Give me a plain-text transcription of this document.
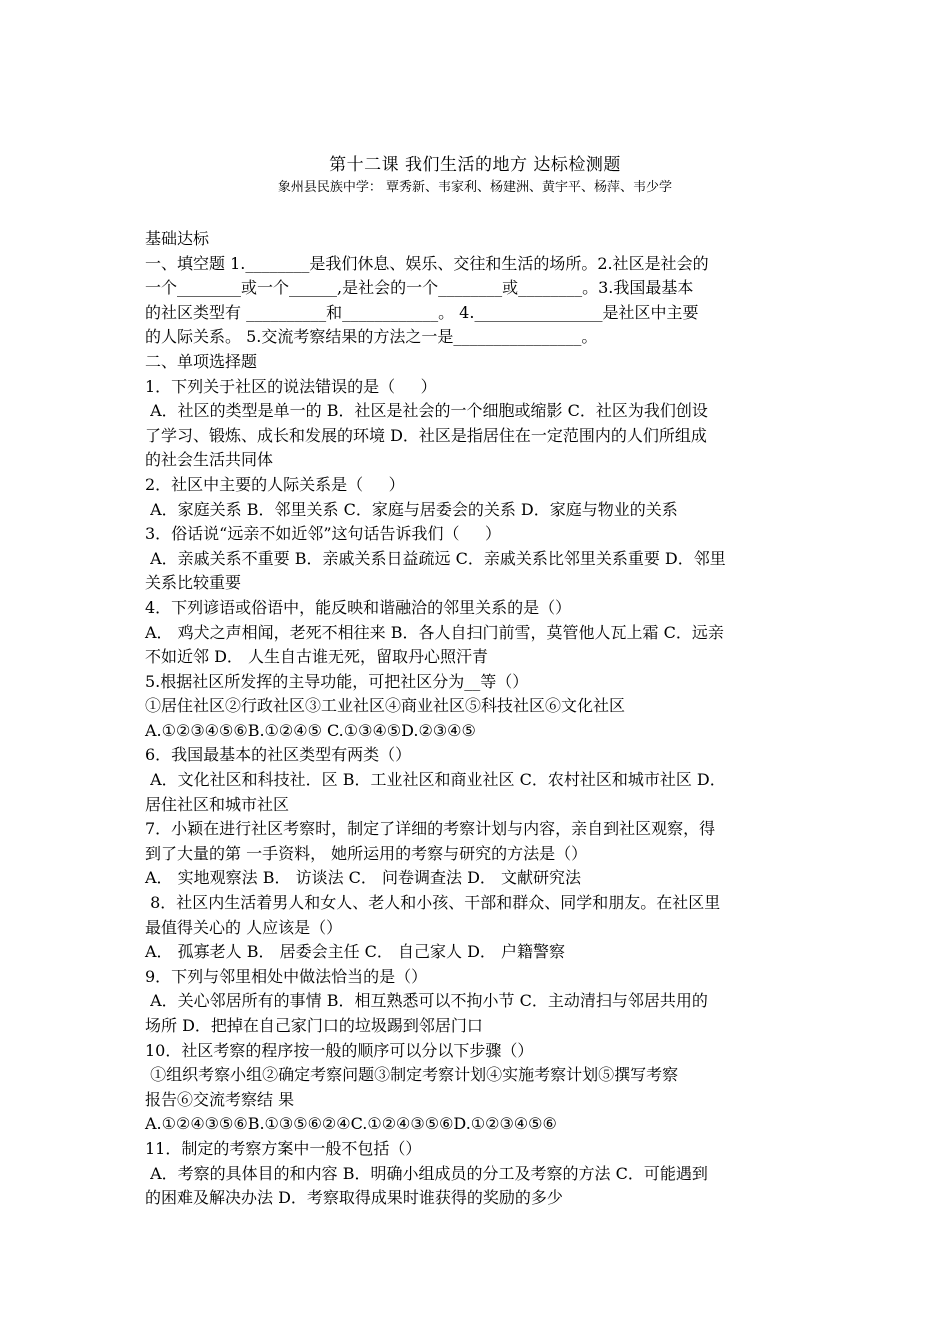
第十二课 我们生活的地方 达标检测题
象州县民族中学： 覃秀新、韦家利、杨建洲、黄宇平、杨萍、韦少学
基础达标
一、填空题 1.________是我们休息、娱乐、交往和生活的场所。2.社区是社会的
一个________或一个______,是社会的一个________或________。3.我国最基本
的社区类型有 __________和____________。 4.________________是社区中主要
的人际关系。 5.交流考察结果的方法之一是________________。
二、单项选择题
1．下列关于社区的说法错误的是（     ）
A．社区的类型是单一的 B．社区是社会的一个细胞或缩影 C．社区为我们创设
了学习、锻炼、成长和发展的环境 D．社区是指居住在一定范围内的人们所组成
的社会生活共同体
2．社区中主要的人际关系是（     ）
A．家庭关系 B．邻里关系 C．家庭与居委会的关系 D．家庭与物业的关系
3．俗话说“远亲不如近邻”这句话告诉我们（     ）
A．亲戚关系不重要 B．亲戚关系日益疏远 C．亲戚关系比邻里关系重要 D．邻里
关系比较重要
4．下列谚语或俗语中，能反映和谐融洽的邻里关系的是（）
A． 鸡犬之声相闻，老死不相往来 B．各人自扫门前雪，莫管他人瓦上霜 C．远亲
不如近邻 D． 人生自古谁无死，留取丹心照汗青
5.根据社区所发挥的主导功能，可把社区分为__等（）
①居住社区②行政社区③工业社区④商业社区⑤科技社区⑥文化社区
A.①②③④⑤⑥B.①②④⑤ C.①③④⑤D.②③④⑤
6．我国最基本的社区类型有两类（）
A．文化社区和科技社．区 B．工业社区和商业社区 C．农村社区和城市社区 D．
居住社区和城市社区
7．小颖在进行社区考察时，制定了详细的考察计划与内容，亲自到社区观察，得
到了大量的第 一手资料， 她所运用的考察与研究的方法是（）
A． 实地观察法 B． 访谈法 C． 问卷调查法 D． 文献研究法
8．社区内生活着男人和女人、老人和小孩、干部和群众、同学和朋友。在社区里
最值得关心的 人应该是（）
A． 孤寡老人 B． 居委会主任 C． 自己家人 D． 户籍警察
9．下列与邻里相处中做法恰当的是（）
A．关心邻居所有的事情 B．相互熟悉可以不拘小节 C．主动清扫与邻居共用的
场所 D．把掉在自己家门口的垃圾踢到邻居门口
10．社区考察的程序按一般的顺序可以分以下步骤（）
①组织考察小组②确定考察问题③制定考察计划④实施考察计划⑤撰写考察
报告⑥交流考察结 果
A.①②④③⑤⑥B.①③⑤⑥②④C.①②④③⑤⑥D.①②③④⑤⑥
11．制定的考察方案中一般不包括（）
A．考察的具体目的和内容 B．明确小组成员的分工及考察的方法 C．可能遇到
的困难及解决办法 D．考察取得成果时谁获得的奖励的多少
